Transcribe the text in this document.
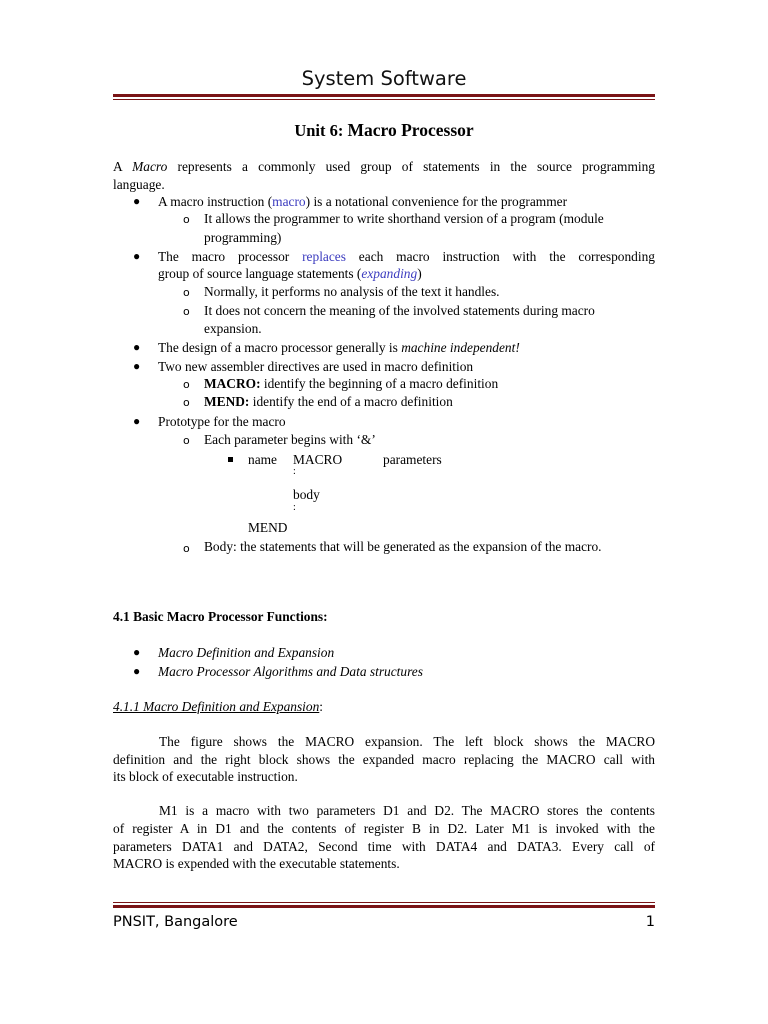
System Software
Unit 6: Macro Processor
A Macro represents a commonly used group of statements in the source programming
language.
● A macro instruction (macro) is a notational convenience for the programmer
o It allows the programmer to write shorthand version of a program (module
programming)
● The macro processor replaces each macro instruction with the corresponding
group of source language statements (expanding)
o Normally, it performs no analysis of the text it handles.
o It does not concern the meaning of the involved statements during macro
expansion.
● The design of a macro processor generally is machine independent!
● Two new assembler directives are used in macro definition
o MACRO: identify the beginning of a macro definition
o MEND: identify the end of a macro definition
● Prototype for the macro
o Each parameter begins with ‘&’
name MACRO	parameters
:
body
:
MEND
o Body: the statements that will be generated as the expansion of the macro.
4.1 Basic Macro Processor Functions:
● Macro Definition and Expansion
● Macro Processor Algorithms and Data structures
4.1.1 Macro Definition and Expansion:
The figure shows the MACRO expansion. The left block shows the MACRO
definition and the right block shows the expanded macro replacing the MACRO call with
its block of executable instruction.
M1 is a macro with two parameters D1 and D2. The MACRO stores the contents
of register A in D1 and the contents of register B in D2. Later M1 is invoked with the
parameters DATA1 and DATA2, Second time with DATA4 and DATA3. Every call of
MACRO is expended with the executable statements.
PNSIT, Bangalore	1
